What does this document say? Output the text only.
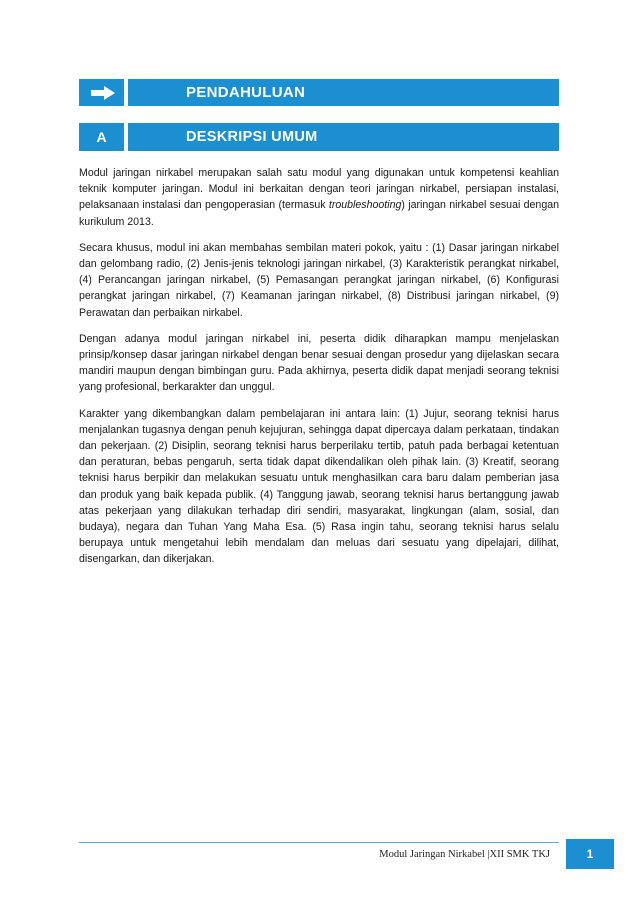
PENDAHULUAN
A	DESKRIPSI UMUM

Modul jaringan nirkabel merupakan salah satu modul yang digunakan untuk kompetensi keahlian teknik komputer jaringan. Modul ini berkaitan dengan teori jaringan nirkabel, persiapan instalasi, pelaksanaan instalasi dan pengoperasian (termasuk troubleshooting) jaringan nirkabel sesuai dengan kurikulum 2013.

Secara khusus, modul ini akan membahas sembilan materi pokok, yaitu : (1) Dasar jaringan nirkabel dan gelombang radio, (2) Jenis-jenis teknologi jaringan nirkabel, (3) Karakteristik perangkat nirkabel, (4) Perancangan jaringan nirkabel, (5) Pemasangan perangkat jaringan nirkabel, (6) Konfigurasi perangkat jaringan nirkabel, (7) Keamanan jaringan nirkabel, (8) Distribusi jaringan nirkabel, (9) Perawatan dan perbaikan nirkabel.

Dengan adanya modul jaringan nirkabel ini, peserta didik diharapkan mampu menjelaskan prinsip/konsep dasar jaringan nirkabel dengan benar sesuai dengan prosedur yang dijelaskan secara mandiri maupun dengan bimbingan guru. Pada akhirnya, peserta didik dapat menjadi seorang teknisi yang profesional, berkarakter dan unggul.

Karakter yang dikembangkan dalam pembelajaran ini antara lain: (1) Jujur, seorang teknisi harus menjalankan tugasnya dengan penuh kejujuran, sehingga dapat dipercaya dalam perkataan, tindakan dan pekerjaan. (2) Disiplin, seorang teknisi harus berperilaku tertib, patuh pada berbagai ketentuan dan peraturan, bebas pengaruh, serta tidak dapat dikendalikan oleh pihak lain. (3) Kreatif, seorang teknisi harus berpikir dan melakukan sesuatu untuk menghasilkan cara baru dalam pemberian jasa dan produk yang baik kepada publik. (4) Tanggung jawab, seorang teknisi harus bertanggung jawab atas pekerjaan yang dilakukan terhadap diri sendiri, masyarakat, lingkungan (alam, sosial, dan budaya), negara dan Tuhan Yang Maha Esa. (5) Rasa ingin tahu, seorang teknisi harus selalu berupaya untuk mengetahui lebih mendalam dan meluas dari sesuatu yang dipelajari, dilihat, disengarkan, dan dikerjakan.

Modul Jaringan Nirkabel |XII SMK TKJ	1
